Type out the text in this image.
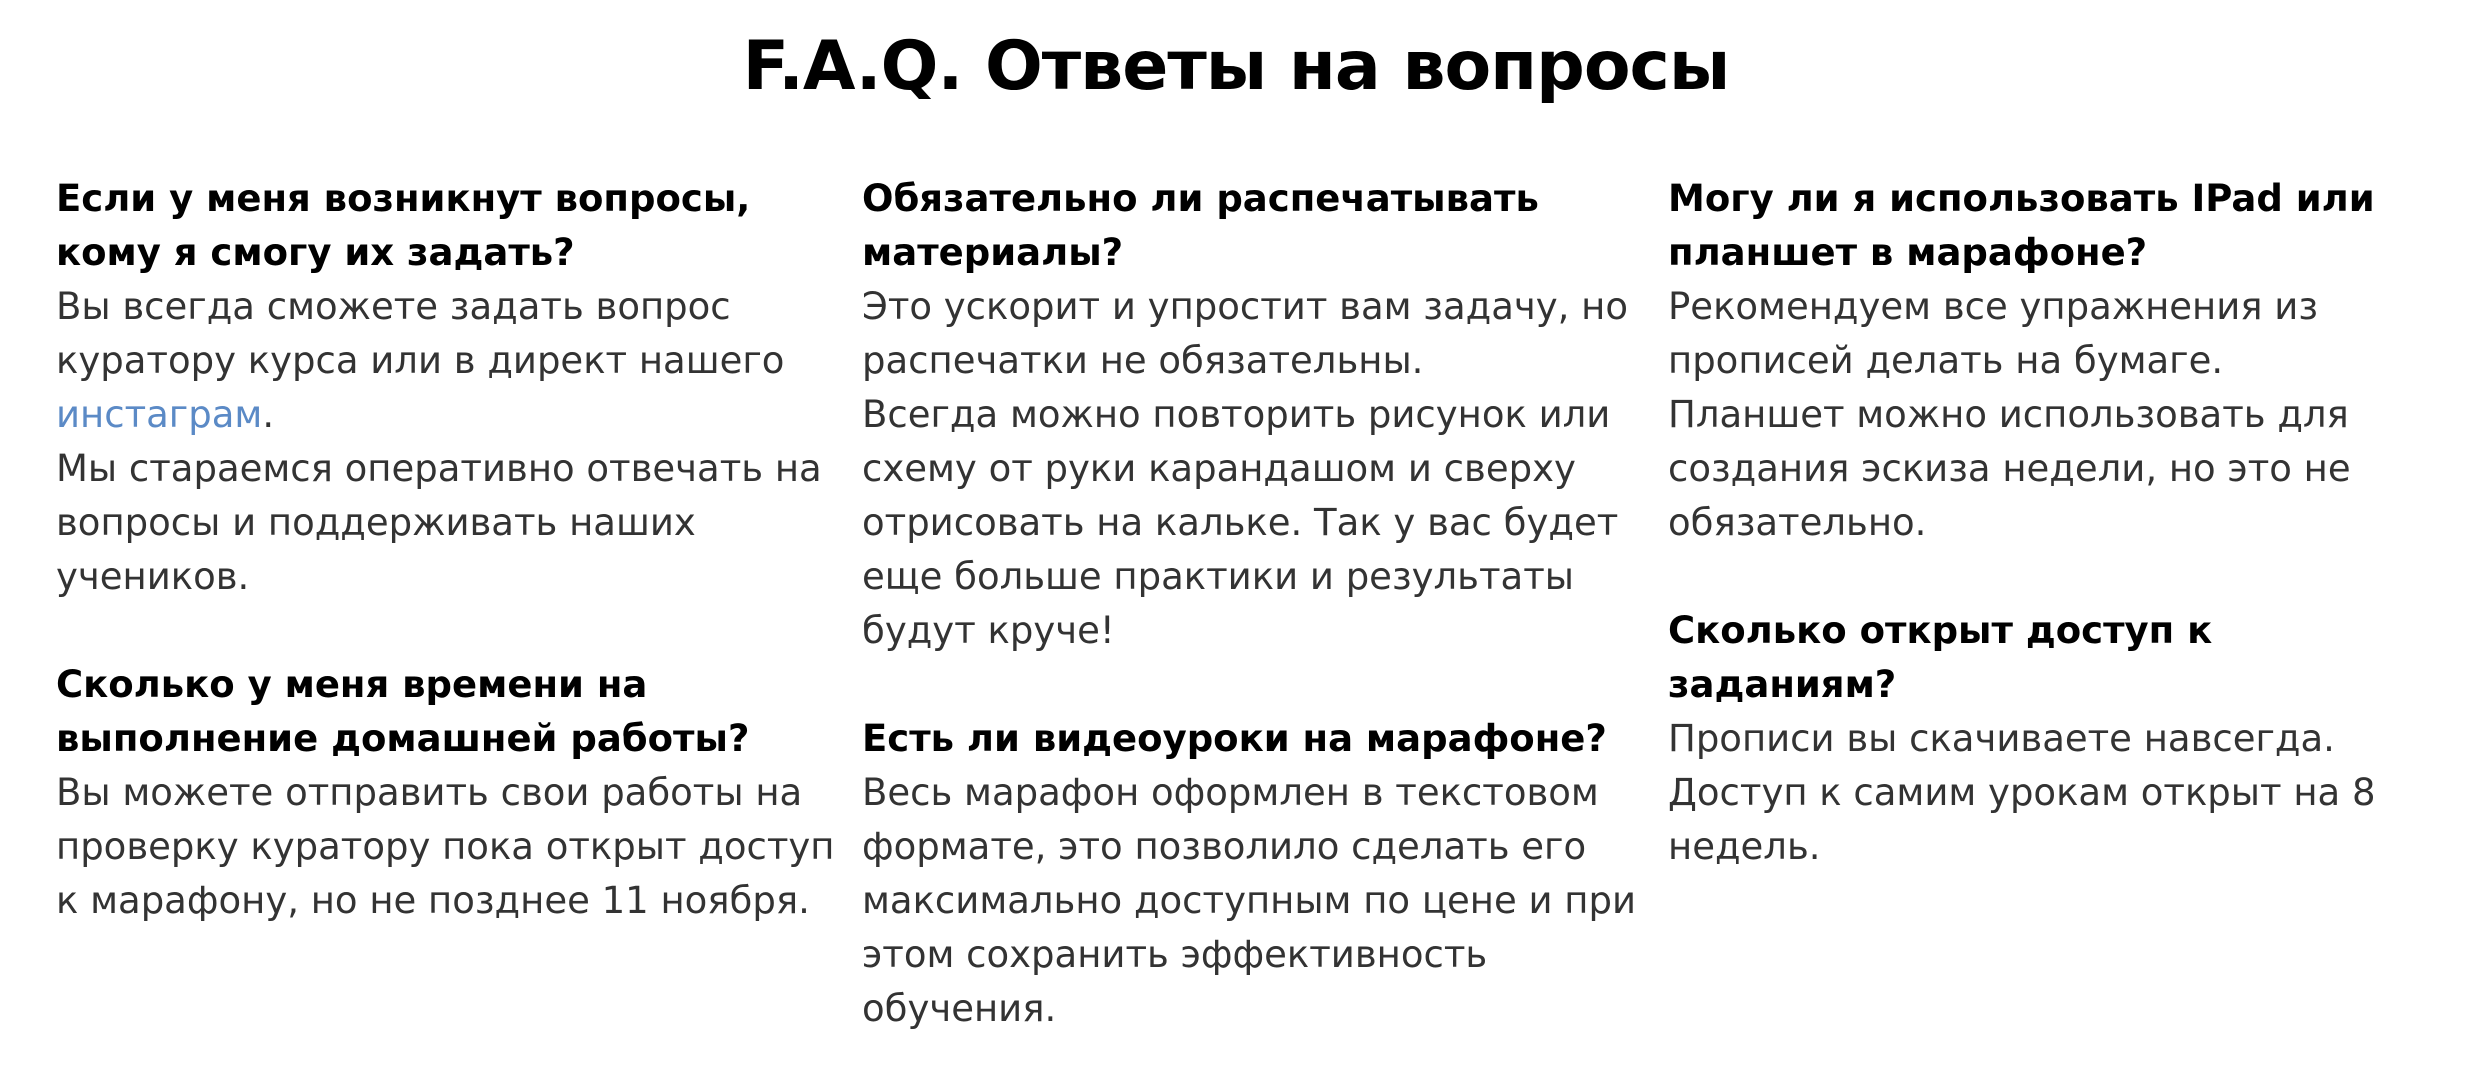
F.A.Q. Ответы на вопросы
Если у меня возникнут вопросы, кому я смогу их задать?

Вы всегда сможете задать вопрос куратору курса или в директ нашего инстаграм.

Мы стараемся оперативно отвечать на вопросы и поддерживать наших учеников.

Сколько у меня времени на выполнение домашней работы?

Вы можете отправить свои работы на проверку куратору пока открыт доступ к марафону, но не позднее 11 ноября.

Обязательно ли распечатывать материалы?

Это ускорит и упростит вам задачу, но распечатки не обязательны.

Всегда можно повторить рисунок или схему от руки карандашом и сверху отрисовать на кальке. Так у вас будет еще больше практики и результаты будут круче!

Есть ли видеоуроки на марафоне?

Весь марафон оформлен в текстовом формате, это позволило сделать его максимально доступным по цене и при этом сохранить эффективность обучения.

Могу ли я использовать IPad или планшет в марафоне?

Рекомендуем все упражнения из прописей делать на бумаге.

Планшет можно использовать для создания эскиза недели, но это не обязательно.

Сколько открыт доступ к заданиям?

Прописи вы скачиваете навсегда. Доступ к самим урокам открыт на 8 недель.
